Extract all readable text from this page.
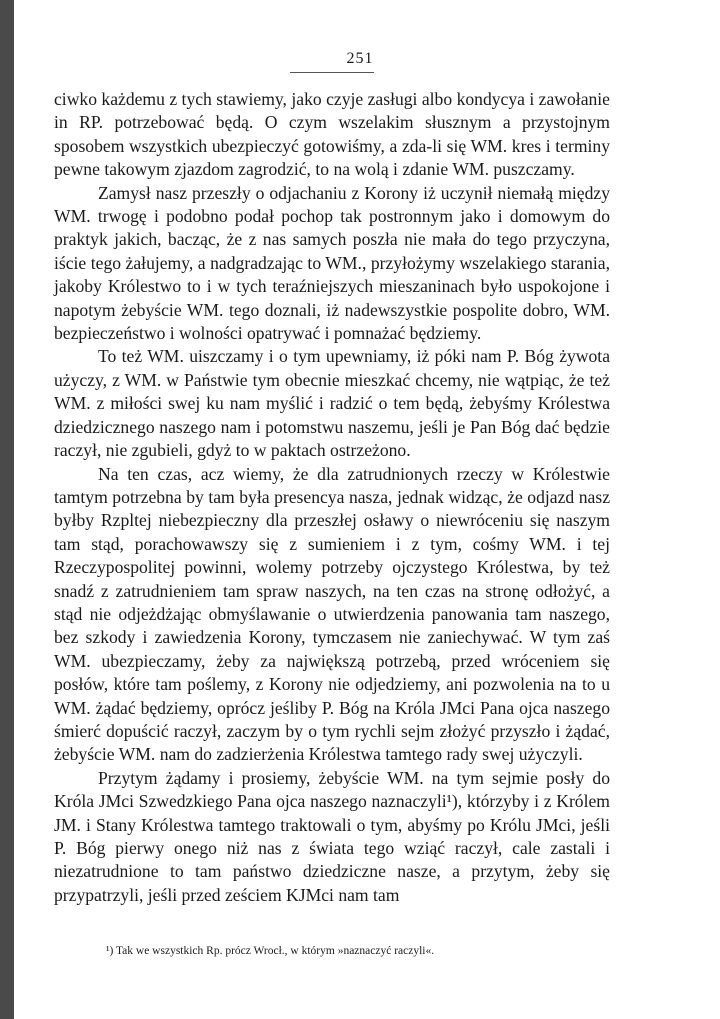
251

ciwko każdemu z tych stawiemy, jako czyje zasługi albo kondycya i zawołanie in RP. potrzebować będą. O czym wszelakim słusznym a przystojnym sposobem wszystkich ubezpieczyć gotowiśmy, a zda-li się WM. kres i terminy pewne takowym zjazdom zagrodzić, to na wolą i zdanie WM. puszczamy.

Zamysł nasz przeszły o odjachaniu z Korony iż uczynił niemałą między WM. trwogę i podobno podał pochop tak postronnym jako i domowym do praktyk jakich, bacząc, że z nas samych poszła nie mała do tego przyczyna, iście tego żałujemy, a nadgradzając to WM., przyłożymy wszelakiego starania, jakoby Królestwo to i w tych teraźniejszych mieszaninach było uspokojone i napotym żebyście WM. tego doznali, iż nadewszystkie pospolite dobro, WM. bezpieczeństwo i wolności opatrywać i pomnażać będziemy.

To też WM. uiszczamy i o tym upewniamy, iż póki nam P. Bóg żywota użyczy, z WM. w Państwie tym obecnie mieszkać chcemy, nie wątpiąc, że też WM. z miłości swej ku nam myślić i radzić o tem będą, żebyśmy Królestwa dziedzicznego naszego nam i potomstwu naszemu, jeśli je Pan Bóg dać będzie raczył, nie zgubieli, gdyż to w paktach ostrzeżono.

Na ten czas, acz wiemy, że dla zatrudnionych rzeczy w Królestwie tamtym potrzebna by tam była presencya nasza, jednak widząc, że odjazd nasz byłby Rzpltej niebezpieczny dla przeszłej osławy o niewróceniu się naszym tam stąd, porachowawszy się z sumieniem i z tym, cośmy WM. i tej Rzeczypospolitej powinni, wolemy potrzeby ojczystego Królestwa, by też snadź z zatrudnieniem tam spraw naszych, na ten czas na stronę odłożyć, a stąd nie odjeżdżając obmyślawanie o utwierdzenia panowania tam naszego, bez szkody i zawiedzenia Korony, tymczasem nie zaniechywać. W tym zaś WM. ubezpieczamy, żeby za największą potrzebą, przed wróceniem się posłów, które tam poślemy, z Korony nie odjedziemy, ani pozwolenia na to u WM. żądać będziemy, oprócz jeśliby P. Bóg na Króla JMci Pana ojca naszego śmierć dopuścić raczył, zaczym by o tym rychli sejm złożyć przyszło i żądać, żebyście WM. nam do zadzierżenia Królestwa tamtego rady swej użyczyli.

Przytym żądamy i prosiemy, żebyście WM. na tym sejmie posły do Króla JMci Szwedzkiego Pana ojca naszego naznaczyli¹), którzyby i z Królem JM. i Stany Królestwa tamtego traktowali o tym, abyśmy po Królu JMci, jeśli P. Bóg pierwy onego niż nas z świata tego wziąć raczył, cale zastali i niezatrudnione to tam państwo dziedziczne nasze, a przytym, żeby się przypatrzyli, jeśli przed ześciem KJMci nam tam

¹) Tak we wszystkich Rp. prócz Wrocł., w którym »naznaczyć raczyli«.
